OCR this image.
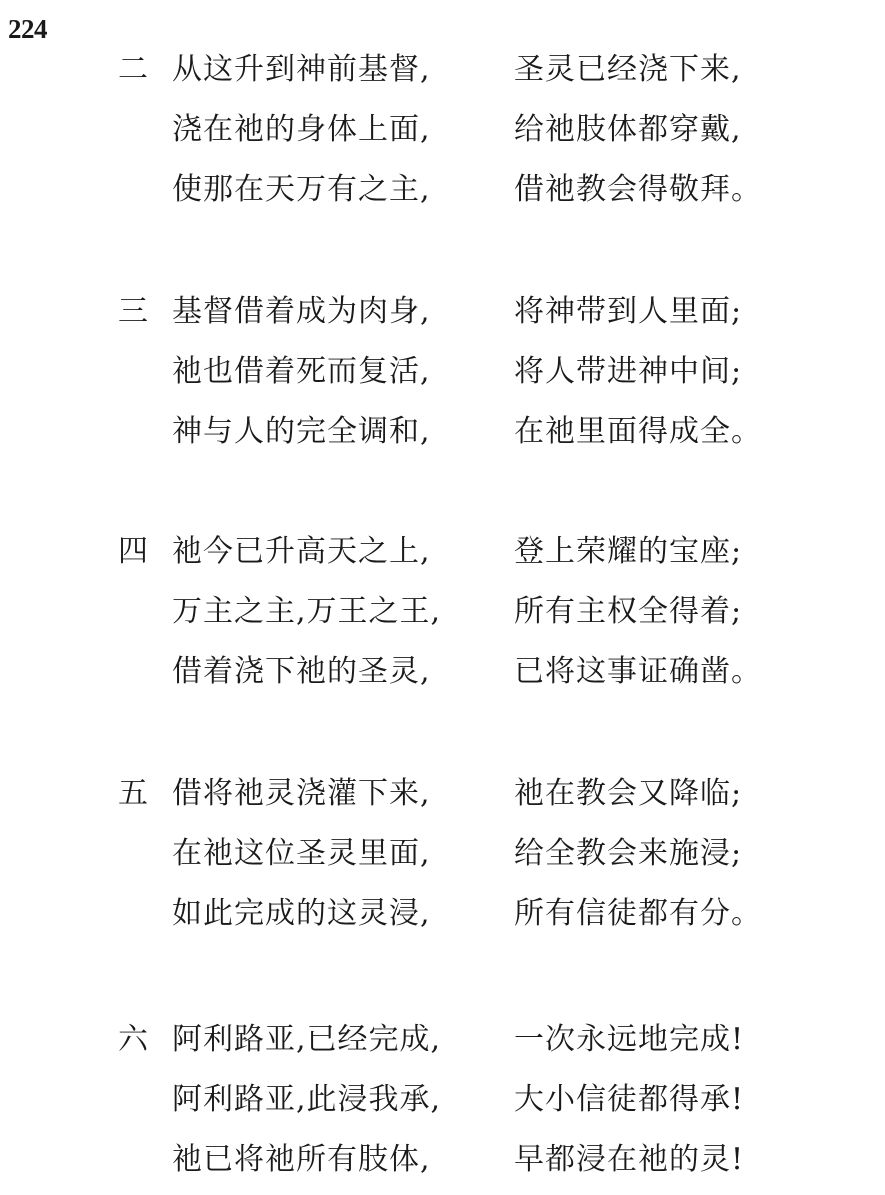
224
二 从这升到神前基督,	圣灵已经浇下来,
浇在祂的身体上面,	给祂肢体都穿戴,
使那在天万有之主,	借祂教会得敬拜。
三 基督借着成为肉身,	将神带到人里面;
祂也借着死而复活,	将人带进神中间;
神与人的完全调和,	在祂里面得成全。
四 祂今已升高天之上,	登上荣耀的宝座;
万主之主,万王之王, 所有主权全得着;
借着浇下祂的圣灵,	已将这事证确凿。
五 借将祂灵浇灌下来,	祂在教会又降临;
在祂这位圣灵里面,	给全教会来施浸;
如此完成的这灵浸,	所有信徒都有分。
六 阿利路亚,已经完成, 一次永远地完成!
阿利路亚,此浸我承, 大小信徒都得承!
祂已将祂所有肢体,	早都浸在祂的灵!
